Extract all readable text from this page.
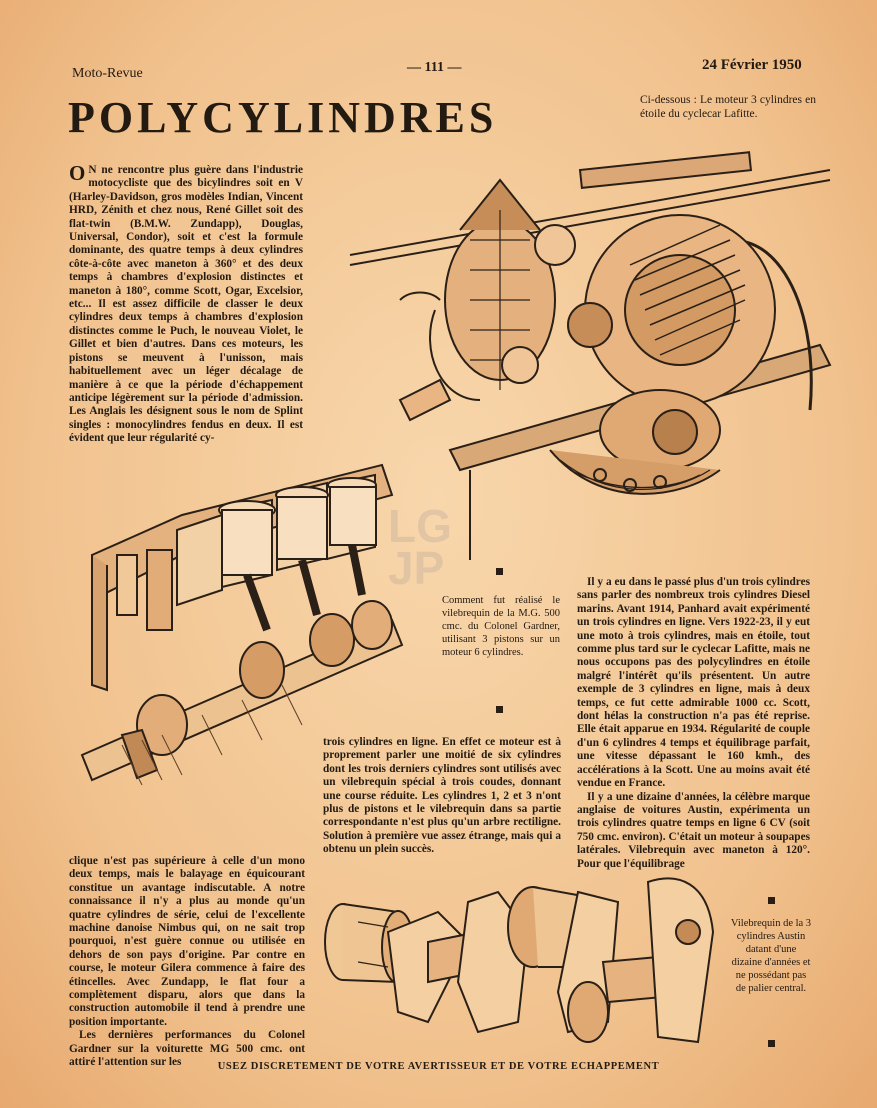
Moto-Revue	— 111 —	24 Février 1950
POLYCYLINDRES	Ci-dessous : Le moteur 3 cylindres en étoile du cyclecar Lafitte.

O N ne rencontre plus guère dans l'industrie motocycliste que des bicylindres soit en V (Harley-Davidson, gros modèles Indian, Vincent HRD, Zénith et chez nous, René Gillet soit des flat-twin (B.M.W. Zundapp), Douglas, Universal, Condor), soit et c'est la formule dominante, des quatre temps à deux cylindres côte-à-côte avec maneton à 360° et des deux temps à chambres d'explosion distinctes et maneton à 180°, comme Scott, Ogar, Excelsior, etc... Il est assez difficile de classer le deux cylindres deux temps à chambres d'explosion distinctes comme le Puch, le nouveau Violet, le Gillet et bien d'autres. Dans ces moteurs, les pistons se meuvent à l'unisson, mais habituellement avec un léger décalage de manière à ce que la période d'échappement anticipe légèrement sur la période d'admission. Les Anglais les désignent sous le nom de Splint singles : monocylindres fendus en deux. Il est évident que leur régularité cy-

LG JP
Comment fut réalisé le vilebrequin de la M.G. 500 cmc. du Colonel Gardner, utilisant 3 pistons sur un moteur 6 cylindres.

Il y a eu dans le passé plus d'un trois cylindres sans parler des nombreux trois cylindres Diesel marins. Avant 1914, Panhard avait expérimenté un trois cylindres en ligne. Vers 1922-23, il y eut une moto à trois cylindres, mais en étoile, tout comme plus tard sur le cyclecar Lafitte, mais ne nous occupons pas des polycylindres en étoile malgré l'intérêt qu'ils présentent. Un autre exemple de 3 cylindres en ligne, mais à deux temps, ce fut cette admirable 1000 cc. Scott, dont hélas la construction n'a pas été reprise. Elle était apparue en 1934. Régularité de couple d'un 6 cylindres 4 temps et équilibrage parfait, une vitesse dépassant le 160 kmh., des accélérations à la Scott. Une au moins avait été vendue en France.

Il y a une dizaine d'années, la célèbre marque anglaise de voitures Austin, expérimenta un trois cylindres quatre temps en ligne 6 CV (soit 750 cmc. environ). C'était un moteur à soupapes latérales. Vilebrequin avec maneton à 120°. Pour que l'équilibrage

trois cylindres en ligne. En effet ce moteur est à proprement parler une moitié de six cylindres dont les trois derniers cylindres sont utilisés avec un vilebrequin spécial à trois coudes, donnant une course réduite. Les cylindres 1, 2 et 3 n'ont plus de pistons et le vilebrequin dans sa partie correspondante n'est plus qu'un arbre rectiligne. Solution à première vue assez étrange, mais qui a obtenu un plein succès.

clique n'est pas supérieure à celle d'un mono deux temps, mais le balayage en équicourant constitue un avantage indiscutable. A notre connaissance il n'y a plus au monde qu'un quatre cylindres de série, celui de l'excellente machine danoise Nimbus qui, on ne sait trop pourquoi, n'est guère connue ou utilisée en dehors de son pays d'origine. Par contre en course, le moteur Gilera commence à faire des étincelles. Avec Zundapp, le flat four a complètement disparu, alors que dans la construction automobile il tend à prendre une position importante.

Les dernières performances du Colonel Gardner sur la voiturette MG 500 cmc. ont attiré l'attention sur les

Vilebrequin de la 3 cylindres Austin datant d'une dizaine d'années et ne possédant pas de palier central.
USEZ DISCRETEMENT DE VOTRE AVERTISSEUR ET DE VOTRE ECHAPPEMENT
